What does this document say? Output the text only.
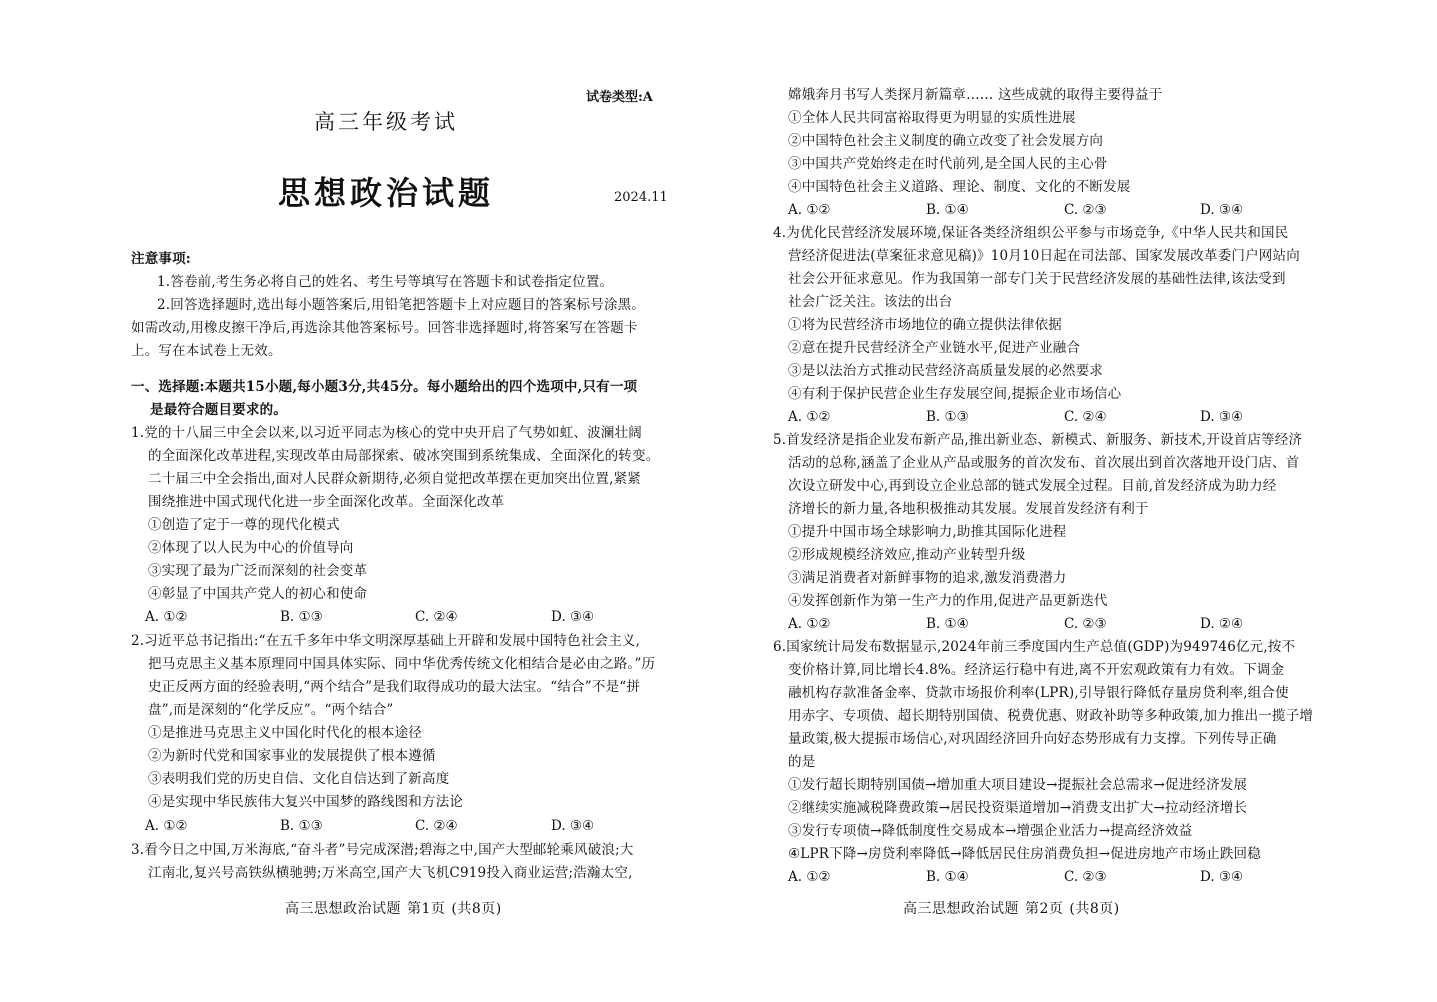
试卷类型:A
高三年级考试
思想政治试题	2024.11
注意事项:
1.答卷前,考生务必将自己的姓名、考生号等填写在答题卡和试卷指定位置。
2.回答选择题时,选出每小题答案后,用铅笔把答题卡上对应题目的答案标号涂黑。
如需改动,用橡皮擦干净后,再选涂其他答案标号。回答非选择题时,将答案写在答题卡
上。写在本试卷上无效。
一、选择题:本题共15小题,每小题3分,共45分。每小题给出的四个选项中,只有一项
是最符合题目要求的。
1.党的十八届三中全会以来,以习近平同志为核心的党中央开启了气势如虹、波澜壮阔
的全面深化改革进程,实现改革由局部探索、破冰突围到系统集成、全面深化的转变。
二十届三中全会指出,面对人民群众新期待,必须自觉把改革摆在更加突出位置,紧紧
围绕推进中国式现代化进一步全面深化改革。全面深化改革
①创造了定于一尊的现代化模式
②体现了以人民为中心的价值导向
③实现了最为广泛而深刻的社会变革
④彰显了中国共产党人的初心和使命
A. ①②	B. ①③	C. ②④	D. ③④
2.习近平总书记指出:“在五千多年中华文明深厚基础上开辟和发展中国特色社会主义,
把马克思主义基本原理同中国具体实际、同中华优秀传统文化相结合是必由之路。”历
史正反两方面的经验表明,“两个结合”是我们取得成功的最大法宝。“结合”不是“拼
盘”,而是深刻的“化学反应”。“两个结合”
①是推进马克思主义中国化时代化的根本途径
②为新时代党和国家事业的发展提供了根本遵循
③表明我们党的历史自信、文化自信达到了新高度
④是实现中华民族伟大复兴中国梦的路线图和方法论
A. ①②	B. ①③	C. ②④	D. ③④
3.看今日之中国,万米海底,“奋斗者”号完成深潜;碧海之中,国产大型邮轮乘风破浪;大
江南北,复兴号高铁纵横驰骋;万米高空,国产大飞机C919投入商业运营;浩瀚太空,
高三思想政治试题 第1页 (共8页)
嫦娥奔月书写人类探月新篇章…… 这些成就的取得主要得益于
①全体人民共同富裕取得更为明显的实质性进展
②中国特色社会主义制度的确立改变了社会发展方向
③中国共产党始终走在时代前列,是全国人民的主心骨
④中国特色社会主义道路、理论、制度、文化的不断发展
A. ①②	B. ①④	C. ②③	D. ③④
4.为优化民营经济发展环境,保证各类经济组织公平参与市场竞争,《中华人民共和国民
营经济促进法(草案征求意见稿)》10月10日起在司法部、国家发展改革委门户网站向
社会公开征求意见。作为我国第一部专门关于民营经济发展的基础性法律,该法受到
社会广泛关注。该法的出台
①将为民营经济市场地位的确立提供法律依据
②意在提升民营经济全产业链水平,促进产业融合
③是以法治方式推动民营经济高质量发展的必然要求
④有利于保护民营企业生存发展空间,提振企业市场信心
A. ①②	B. ①③	C. ②④	D. ③④
5.首发经济是指企业发布新产品,推出新业态、新模式、新服务、新技术,开设首店等经济
活动的总称,涵盖了企业从产品或服务的首次发布、首次展出到首次落地开设门店、首
次设立研发中心,再到设立企业总部的链式发展全过程。目前,首发经济成为助力经
济增长的新力量,各地积极推动其发展。发展首发经济有利于
①提升中国市场全球影响力,助推其国际化进程
②形成规模经济效应,推动产业转型升级
③满足消费者对新鲜事物的追求,激发消费潜力
④发挥创新作为第一生产力的作用,促进产品更新迭代
A. ①②	B. ①④	C. ②③	D. ②④
6.国家统计局发布数据显示,2024年前三季度国内生产总值(GDP)为949746亿元,按不
变价格计算,同比增长4.8%。经济运行稳中有进,离不开宏观政策有力有效。下调金
融机构存款准备金率、贷款市场报价利率(LPR),引导银行降低存量房贷利率,组合使
用赤字、专项债、超长期特别国债、税费优惠、财政补助等多种政策,加力推出一揽子增
量政策,极大提振市场信心,对巩固经济回升向好态势形成有力支撑。下列传导正确
的是
①发行超长期特别国债→增加重大项目建设→提振社会总需求→促进经济发展
②继续实施减税降费政策→居民投资渠道增加→消费支出扩大→拉动经济增长
③发行专项债→降低制度性交易成本→增强企业活力→提高经济效益
④LPR下降→房贷利率降低→降低居民住房消费负担→促进房地产市场止跌回稳
A. ①②	B. ①④	C. ②③	D. ③④
高三思想政治试题 第2页 (共8页)
